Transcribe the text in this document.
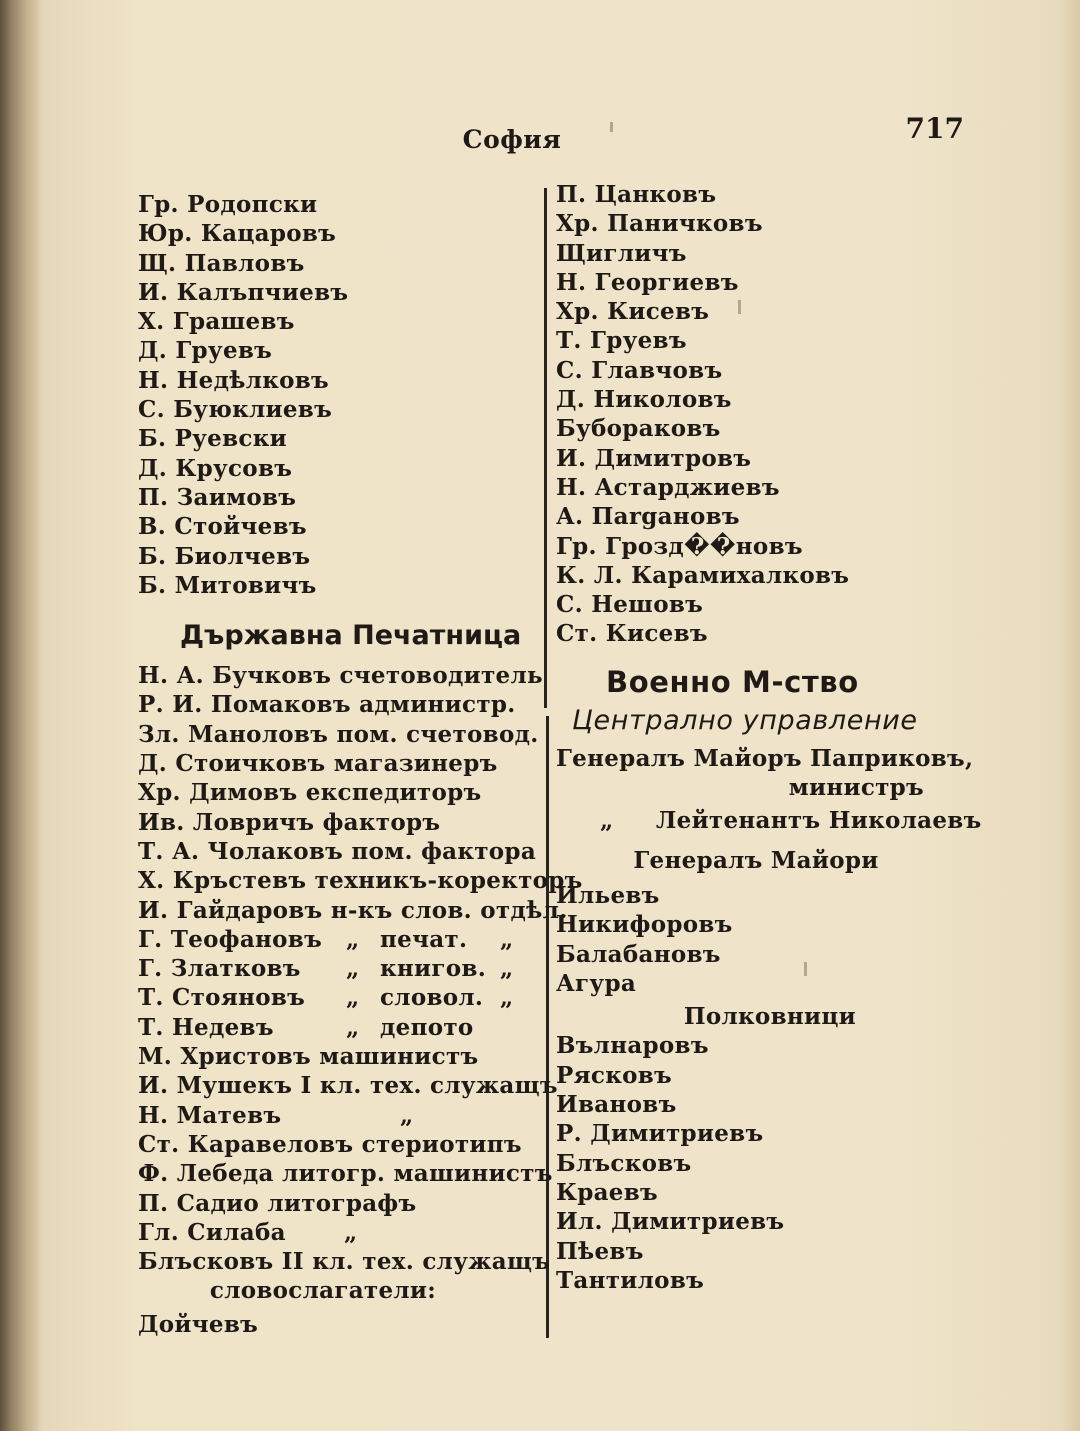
София	717
Гр. Родопски
Юр. Кацаровъ
Щ. Павловъ
И. Калъпчиевъ
Х. Грашевъ
Д. Груевъ
Н. Недѣлковъ
С. Буюклиевъ
Б. Руевски
Д. Крусовъ
П. Заимовъ
В. Стойчевъ
Б. Биолчевъ
Б. Митовичъ
Държавна Печатница
Н. А. Бучковъ счетоводитель
Р. И. Помаковъ администр.
Зл. Маноловъ пом. счетовод.
Д. Стоичковъ магазинеръ
Хр. Димовъ експедиторъ
Ив. Ловричъ факторъ
Т. А. Чолаковъ пом. фактора
Х. Кръстевъ техникъ-коректоръ
И. Гайдаровъ н-къ слов. отдѣл.
Г. Теофановъ	„ печат.	„
Г. Златковъ	„ книгов. „
Т. Стояновъ	„ словол. „
Т. Недевъ	„ депото
М. Христовъ машинистъ
И. Мушекъ I кл. тех. служащъ
Н. Матевъ	„
Ст. Каравеловъ стериотипъ
Ф. Лебеда литогр. машинистъ
П. Садио литографъ
Гл. Силаба	„
Блъсковъ II кл. тех. служащъ
словослагатели:
Дойчевъ
П. Цанковъ
Хр. Паничковъ
Щигличъ
Н. Георгиевъ
Хр. Кисевъ
Т. Груевъ
С. Главчовъ
Д. Николовъ
Бубораковъ
И. Димитровъ
Н. Астарджиевъ
А. Пargановъ
Гр. Грозд��новъ
К. Л. Карамихалковъ
С. Нешовъ
Ст. Кисевъ
Военно М-ство
Централно управление
Генералъ Майоръ Паприковъ,
министръ
„ Лейтенантъ Николаевъ
Генералъ Майори
Ильевъ
Никифоровъ
Балабановъ
Агура
Полковници
Вълнаровъ
Рясковъ
Ивановъ
Р. Димитриевъ
Блъсковъ
Краевъ
Ил. Димитриевъ
Пѣевъ
Тантиловъ
